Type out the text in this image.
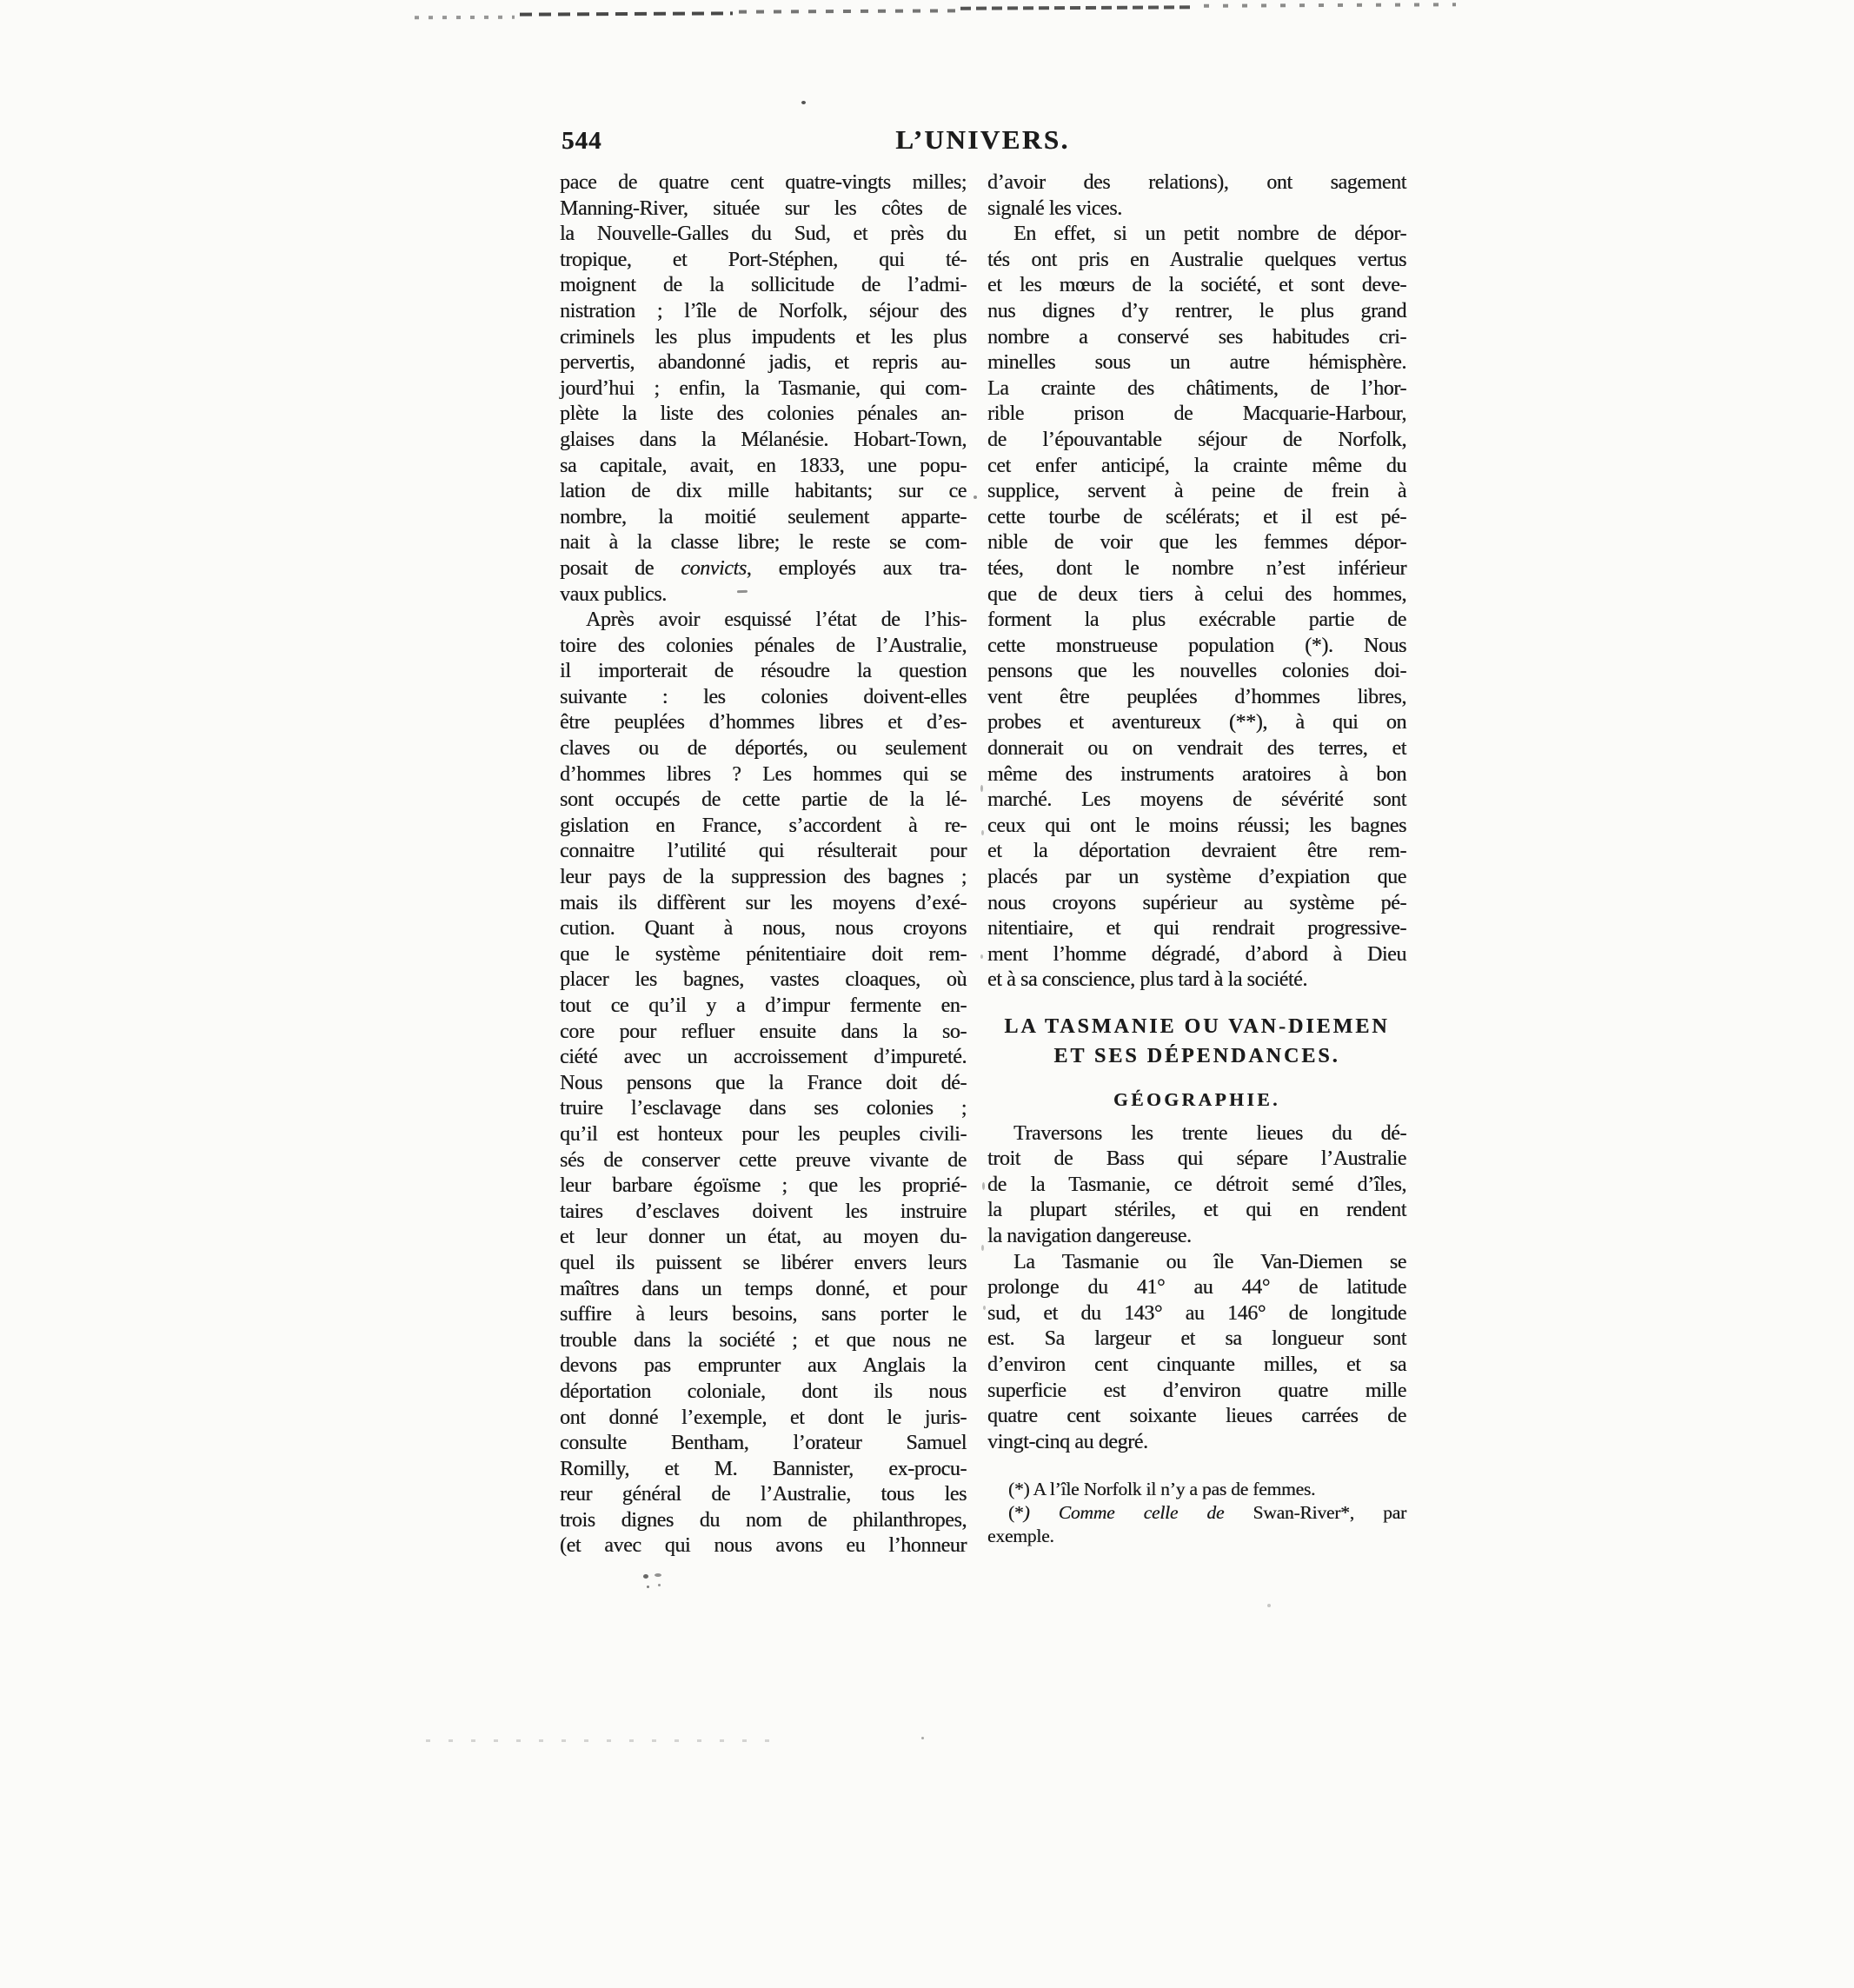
544	L’UNIVERS.
pace de quatre cent quatre-vingts milles;
Manning-River, située sur les côtes de
la Nouvelle-Galles du Sud, et près du
tropique, et Port-Stéphen, qui té-
moignent de la sollicitude de l’admi-
nistration ; l’île de Norfolk, séjour des
criminels les plus impudents et les plus
pervertis, abandonné jadis, et repris au-
jourd’hui ; enfin, la Tasmanie, qui com-
plète la liste des colonies pénales an-
glaises dans la Mélanésie. Hobart-Town,
sa capitale, avait, en 1833, une popu-
lation de dix mille habitants; sur ce
nombre, la moitié seulement apparte-
nait à la classe libre; le reste se com-
posait de convicts, employés aux tra-
vaux publics.
Après avoir esquissé l’état de l’his-
toire des colonies pénales de l’Australie,
il importerait de résoudre la question
suivante : les colonies doivent-elles
être peuplées d’hommes libres et d’es-
claves ou de déportés, ou seulement
d’hommes libres ? Les hommes qui se
sont occupés de cette partie de la lé-
gislation en France, s’accordent à re-
connaitre l’utilité qui résulterait pour
leur pays de la suppression des bagnes ;
mais ils diffèrent sur les moyens d’exé-
cution. Quant à nous, nous croyons
que le système pénitentiaire doit rem-
placer les bagnes, vastes cloaques, où
tout ce qu’il y a d’impur fermente en-
core pour refluer ensuite dans la so-
ciété avec un accroissement d’impureté.
Nous pensons que la France doit dé-
truire l’esclavage dans ses colonies ;
qu’il est honteux pour les peuples civili-
sés de conserver cette preuve vivante de
leur barbare égoïsme ; que les proprié-
taires d’esclaves doivent les instruire
et leur donner un état, au moyen du-
quel ils puissent se libérer envers leurs
maîtres dans un temps donné, et pour
suffire à leurs besoins, sans porter le
trouble dans la société ; et que nous ne
devons pas emprunter aux Anglais la
déportation coloniale, dont ils nous
ont donné l’exemple, et dont le juris-
consulte Bentham, l’orateur Samuel
Romilly, et M. Bannister, ex-procu-
reur général de l’Australie, tous les
trois dignes du nom de philanthropes,
(et avec qui nous avons eu l’honneur
d’avoir des relations), ont sagement
signalé les vices.
En effet, si un petit nombre de dépor-
tés ont pris en Australie quelques vertus
et les mœurs de la société, et sont deve-
nus dignes d’y rentrer, le plus grand
nombre a conservé ses habitudes cri-
minelles sous un autre hémisphère.
La crainte des châtiments, de l’hor-
rible prison de Macquarie-Harbour,
de l’épouvantable séjour de Norfolk,
cet enfer anticipé, la crainte même du
supplice, servent à peine de frein à
cette tourbe de scélérats; et il est pé-
nible de voir que les femmes dépor-
tées, dont le nombre n’est inférieur
que de deux tiers à celui des hommes,
forment la plus exécrable partie de
cette monstrueuse population (*). Nous
pensons que les nouvelles colonies doi-
vent être peuplées d’hommes libres,
probes et aventureux (**), à qui on
donnerait ou on vendrait des terres, et
même des instruments aratoires à bon
marché. Les moyens de sévérité sont
ceux qui ont le moins réussi; les bagnes
et la déportation devraient être rem-
placés par un système d’expiation que
nous croyons supérieur au système pé-
nitentiaire, et qui rendrait progressive-
ment l’homme dégradé, d’abord à Dieu
et à sa conscience, plus tard à la société.
LA TASMANIE OU VAN-DIEMEN
ET SES DÉPENDANCES.
GÉOGRAPHIE.
Traversons les trente lieues du dé-
troit de Bass qui sépare l’Australie
de la Tasmanie, ce détroit semé d’îles,
la plupart stériles, et qui en rendent
la navigation dangereuse.
La Tasmanie ou île Van-Diemen se
prolonge du 41° au 44° de latitude
sud, et du 143° au 146° de longitude
est. Sa largeur et sa longueur sont
d’environ cent cinquante milles, et sa
superficie est d’environ quatre mille
quatre cent soixante lieues carrées de
vingt-cinq au degré.
(*) A l’île Norfolk il n’y a pas de femmes.
(*) Comme celle de Swan-River*, par
exemple.
